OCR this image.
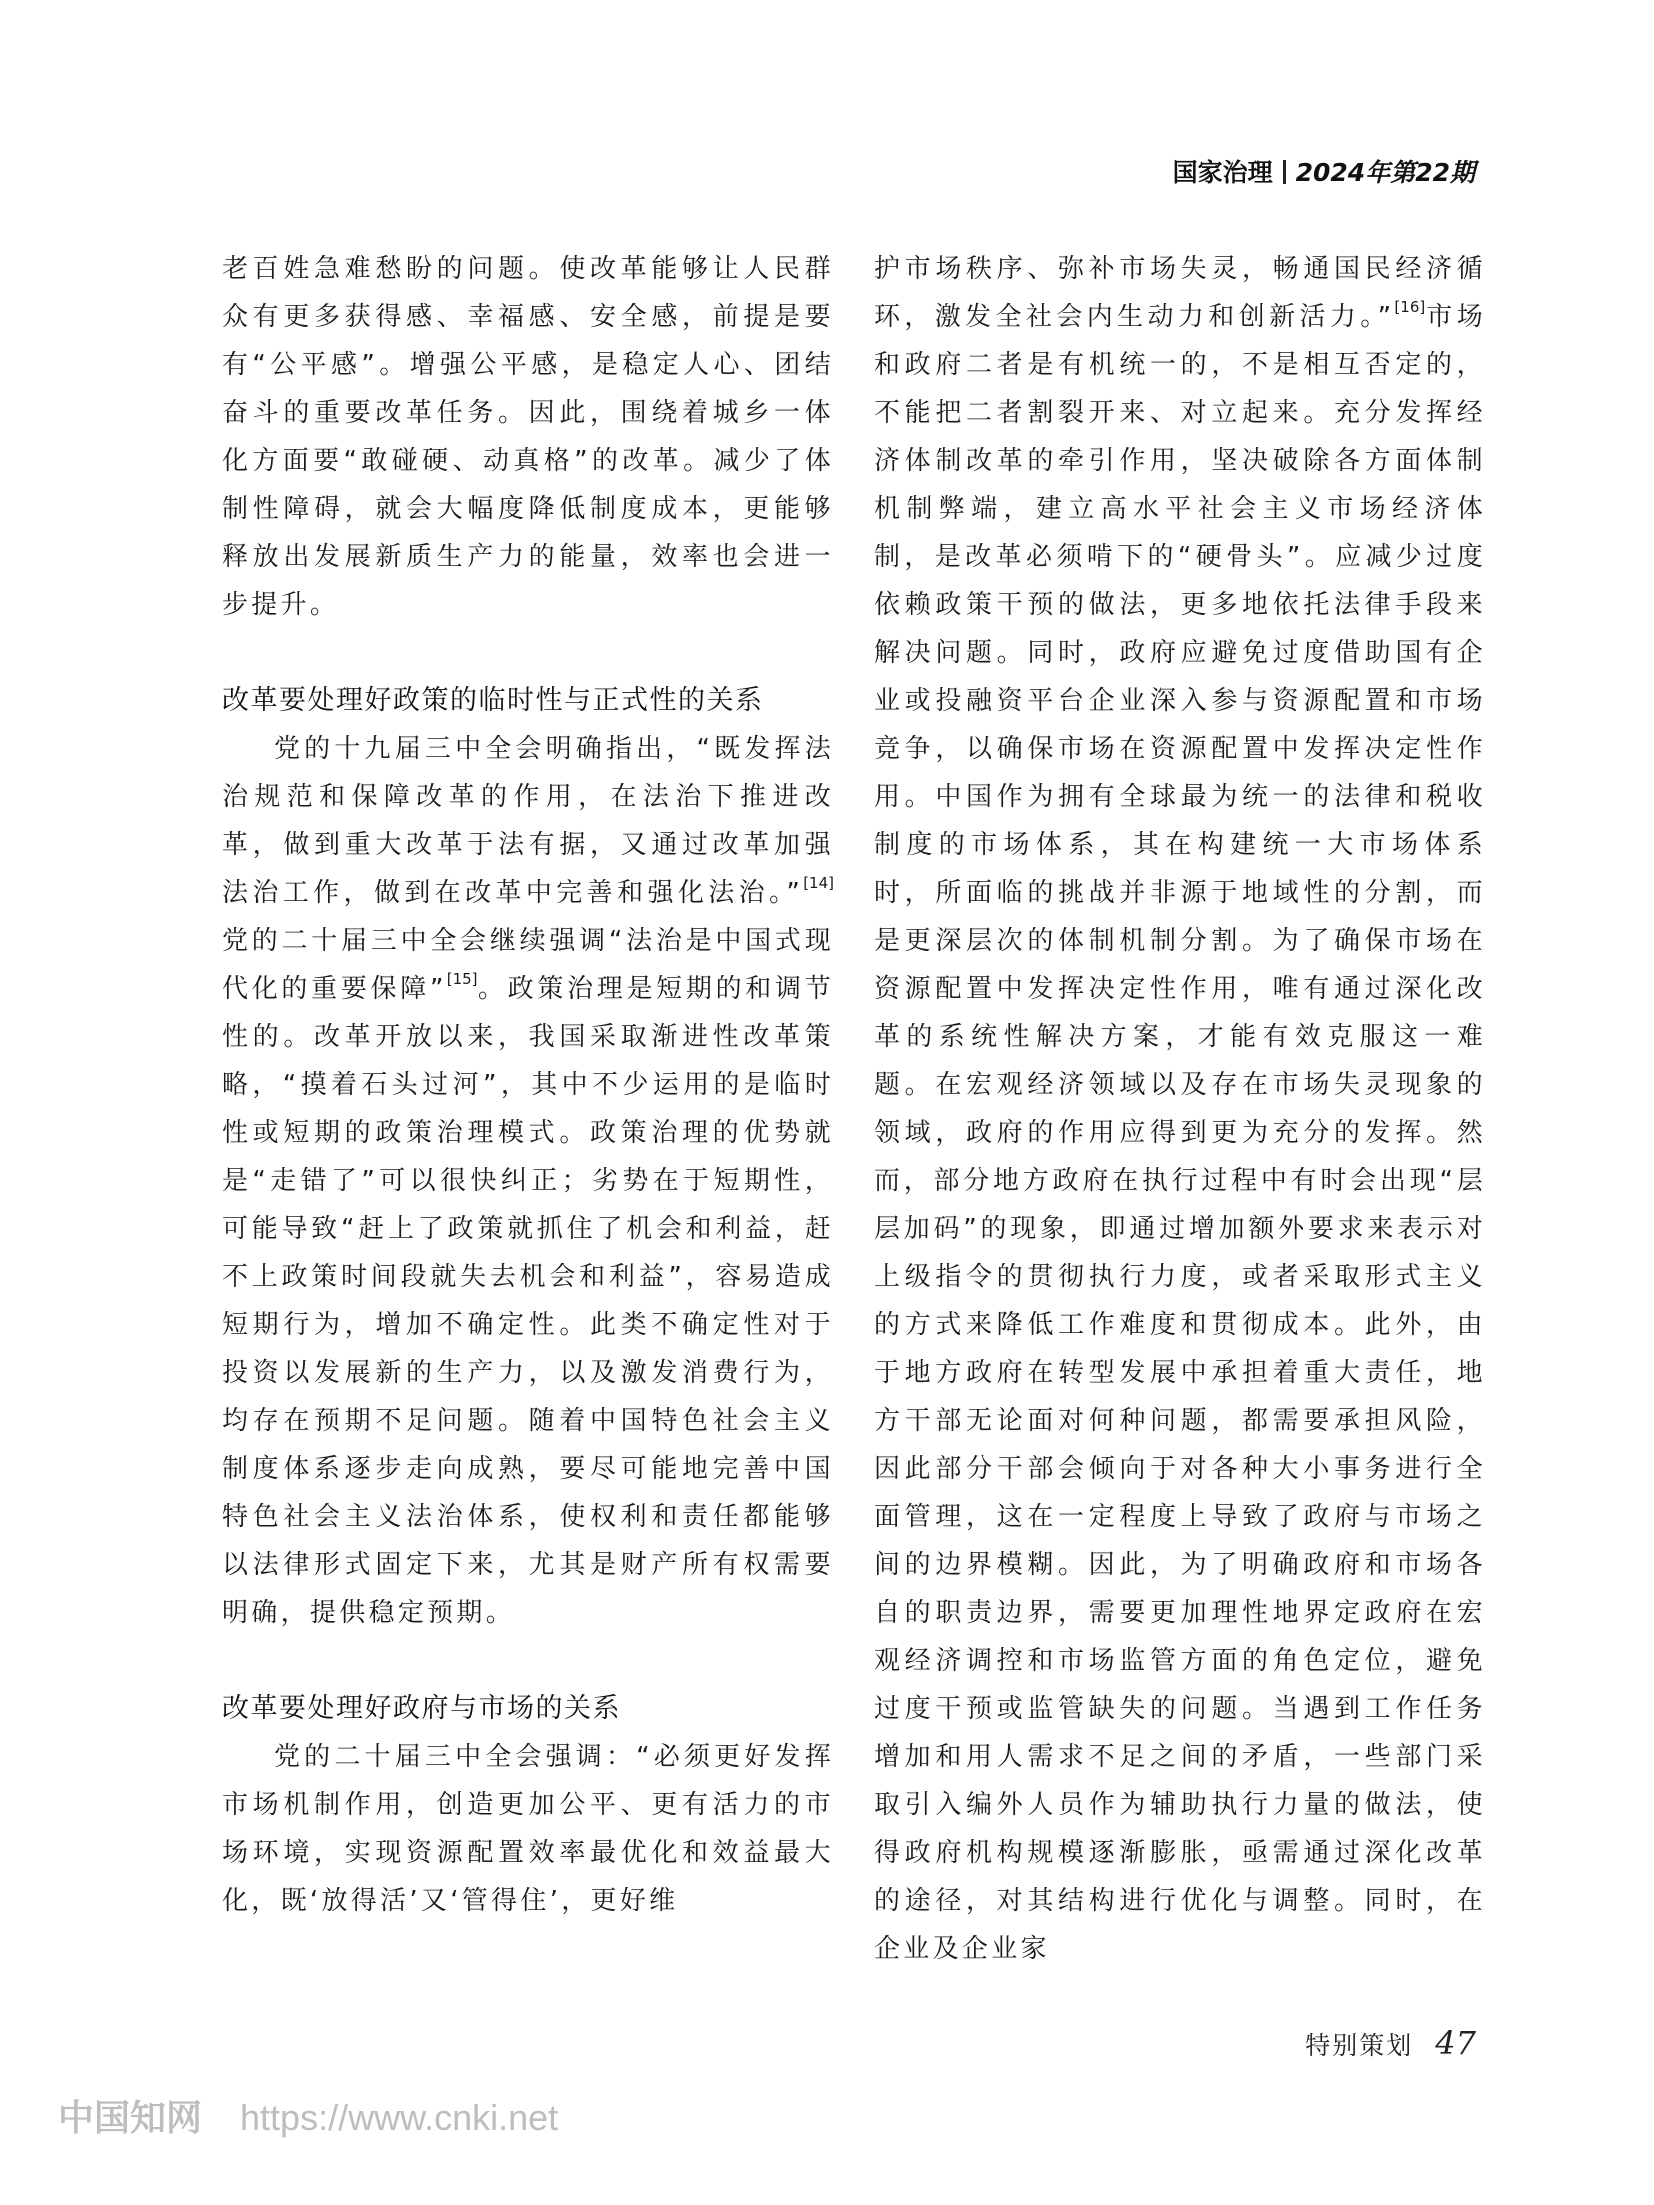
国家治理 2024年第22期

老百姓急难愁盼的问题。使改革能够让人民群众有更多获得感、幸福感、安全感，前提是要有“公平感”。增强公平感，是稳定人心、团结奋斗的重要改革任务。因此，围绕着城乡一体化方面要“敢碰硬、动真格”的改革。减少了体制性障碍，就会大幅度降低制度成本，更能够释放出发展新质生产力的能量，效率也会进一步提升。

改革要处理好政策的临时性与正式性的关系

党的十九届三中全会明确指出，“既发挥法治规范和保障改革的作用，在法治下推进改革，做到重大改革于法有据，又通过改革加强法治工作，做到在改革中完善和强化法治。”[14]党的二十届三中全会继续强调“法治是中国式现代化的重要保障”[15]。政策治理是短期的和调节性的。改革开放以来，我国采取渐进性改革策略，“摸着石头过河”，其中不少运用的是临时性或短期的政策治理模式。政策治理的优势就是“走错了”可以很快纠正；劣势在于短期性，可能导致“赶上了政策就抓住了机会和利益，赶不上政策时间段就失去机会和利益”，容易造成短期行为，增加不确定性。此类不确定性对于投资以发展新的生产力，以及激发消费行为，均存在预期不足问题。随着中国特色社会主义制度体系逐步走向成熟，要尽可能地完善中国特色社会主义法治体系，使权利和责任都能够以法律形式固定下来，尤其是财产所有权需要明确，提供稳定预期。

改革要处理好政府与市场的关系

党的二十届三中全会强调：“必须更好发挥市场机制作用，创造更加公平、更有活力的市场环境，实现资源配置效率最优化和效益最大化，既‘放得活’又‘管得住’，更好维

护市场秩序、弥补市场失灵，畅通国民经济循环，激发全社会内生动力和创新活力。”[16]市场和政府二者是有机统一的，不是相互否定的，不能把二者割裂开来、对立起来。充分发挥经济体制改革的牵引作用，坚决破除各方面体制机制弊端，建立高水平社会主义市场经济体制，是改革必须啃下的“硬骨头”。应减少过度依赖政策干预的做法，更多地依托法律手段来解决问题。同时，政府应避免过度借助国有企业或投融资平台企业深入参与资源配置和市场竞争，以确保市场在资源配置中发挥决定性作用。中国作为拥有全球最为统一的法律和税收制度的市场体系，其在构建统一大市场体系时，所面临的挑战并非源于地域性的分割，而是更深层次的体制机制分割。为了确保市场在资源配置中发挥决定性作用，唯有通过深化改革的系统性解决方案，才能有效克服这一难题。在宏观经济领域以及存在市场失灵现象的领域，政府的作用应得到更为充分的发挥。然而，部分地方政府在执行过程中有时会出现“层层加码”的现象，即通过增加额外要求来表示对上级指令的贯彻执行力度，或者采取形式主义的方式来降低工作难度和贯彻成本。此外，由于地方政府在转型发展中承担着重大责任，地方干部无论面对何种问题，都需要承担风险，因此部分干部会倾向于对各种大小事务进行全面管理，这在一定程度上导致了政府与市场之间的边界模糊。因此，为了明确政府和市场各自的职责边界，需要更加理性地界定政府在宏观经济调控和市场监管方面的角色定位，避免过度干预或监管缺失的问题。当遇到工作任务增加和用人需求不足之间的矛盾，一些部门采取引入编外人员作为辅助执行力量的做法，使得政府机构规模逐渐膨胀，亟需通过深化改革的途径，对其结构进行优化与调整。同时，在企业及企业家

特别策划 47
中国知网 https://www.cnki.net
